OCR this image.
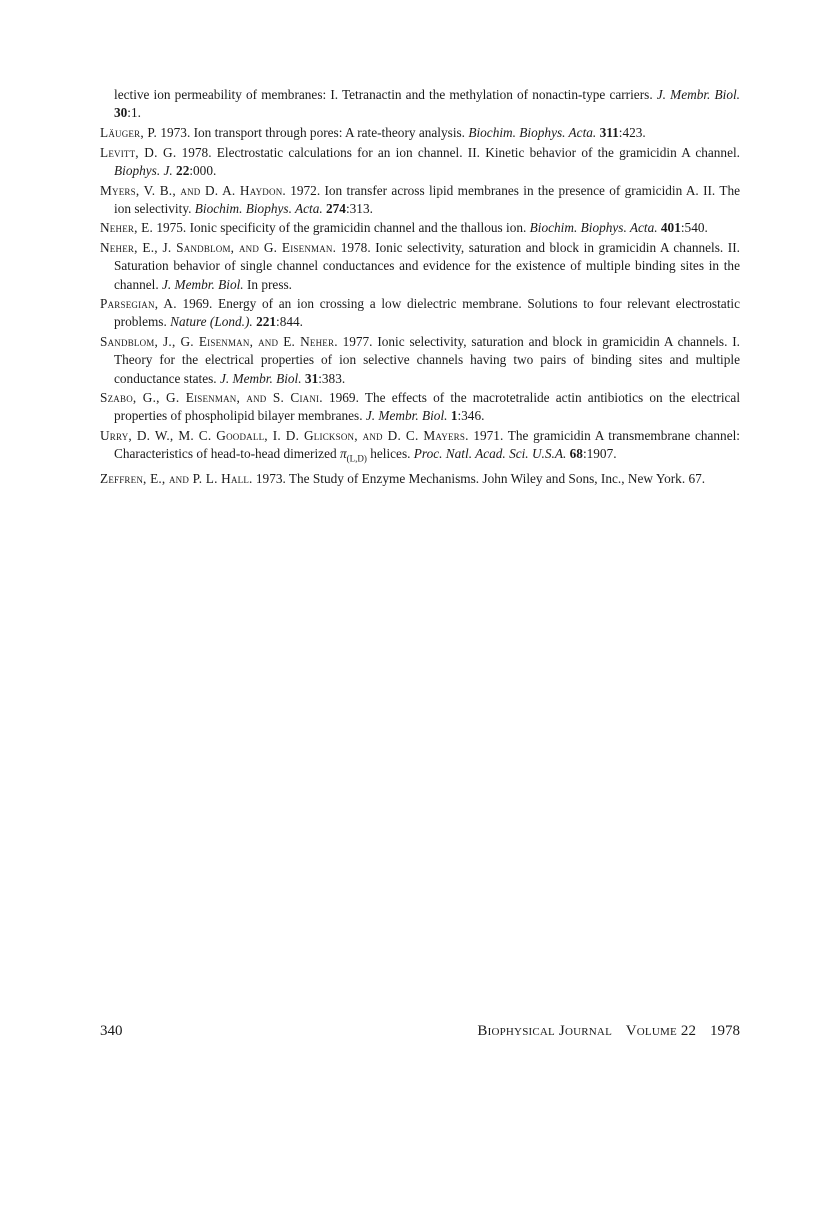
lective ion permeability of membranes: I. Tetranactin and the methylation of nonactin-type carriers. J. Membr. Biol. 30:1.

Läuger, P. 1973. Ion transport through pores: A rate-theory analysis. Biochim. Biophys. Acta. 311:423.

Levitt, D. G. 1978. Electrostatic calculations for an ion channel. II. Kinetic behavior of the gramicidin A channel. Biophys. J. 22:000.

Myers, V. B., and D. A. Haydon. 1972. Ion transfer across lipid membranes in the presence of gramicidin A. II. The ion selectivity. Biochim. Biophys. Acta. 274:313.

Neher, E. 1975. Ionic specificity of the gramicidin channel and the thallous ion. Biochim. Biophys. Acta. 401:540.

Neher, E., J. Sandblom, and G. Eisenman. 1978. Ionic selectivity, saturation and block in gramicidin A channels. II. Saturation behavior of single channel conductances and evidence for the existence of multiple binding sites in the channel. J. Membr. Biol. In press.

Parsegian, A. 1969. Energy of an ion crossing a low dielectric membrane. Solutions to four relevant electrostatic problems. Nature (Lond.). 221:844.

Sandblom, J., G. Eisenman, and E. Neher. 1977. Ionic selectivity, saturation and block in gramicidin A channels. I. Theory for the electrical properties of ion selective channels having two pairs of binding sites and multiple conductance states. J. Membr. Biol. 31:383.

Szabo, G., G. Eisenman, and S. Ciani. 1969. The effects of the macrotetralide actin antibiotics on the electrical properties of phospholipid bilayer membranes. J. Membr. Biol. 1:346.

Urry, D. W., M. C. Goodall, I. D. Glickson, and D. C. Mayers. 1971. The gramicidin A transmembrane channel: Characteristics of head-to-head dimerized $\pi_{(L,D)}$ helices. Proc. Natl. Acad. Sci. U.S.A. 68:1907.

Zeffren, E., and P. L. Hall. 1973. The Study of Enzyme Mechanisms. John Wiley and Sons, Inc., New York. 67.

340	Biophysical Journal Volume 22 1978
